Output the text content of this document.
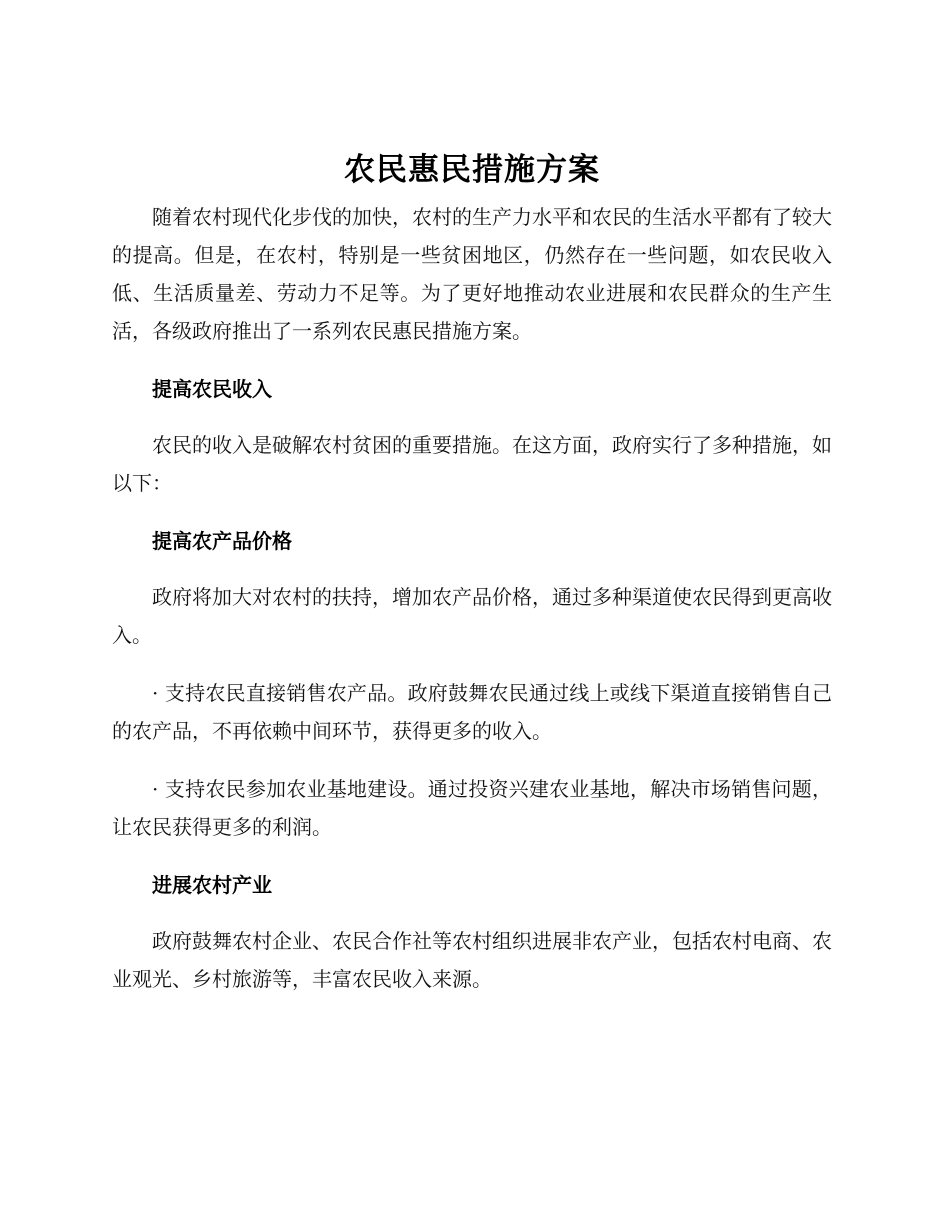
农民惠民措施方案

随着农村现代化步伐的加快，农村的生产力水平和农民的生活水平都有了较大的提高。但是，在农村，特别是一些贫困地区，仍然存在一些问题，如农民收入低、生活质量差、劳动力不足等。为了更好地推动农业进展和农民群众的生产生活，各级政府推出了一系列农民惠民措施方案。

提高农民收入

农民的收入是破解农村贫困的重要措施。在这方面，政府实行了多种措施，如以下：

提高农产品价格

政府将加大对农村的扶持，增加农产品价格，通过多种渠道使农民得到更高收入。

· 支持农民直接销售农产品。政府鼓舞农民通过线上或线下渠道直接销售自己的农产品，不再依赖中间环节，获得更多的收入。

· 支持农民参加农业基地建设。通过投资兴建农业基地，解决市场销售问题，让农民获得更多的利润。

进展农村产业

政府鼓舞农村企业、农民合作社等农村组织进展非农产业，包括农村电商、农业观光、乡村旅游等，丰富农民收入来源。
